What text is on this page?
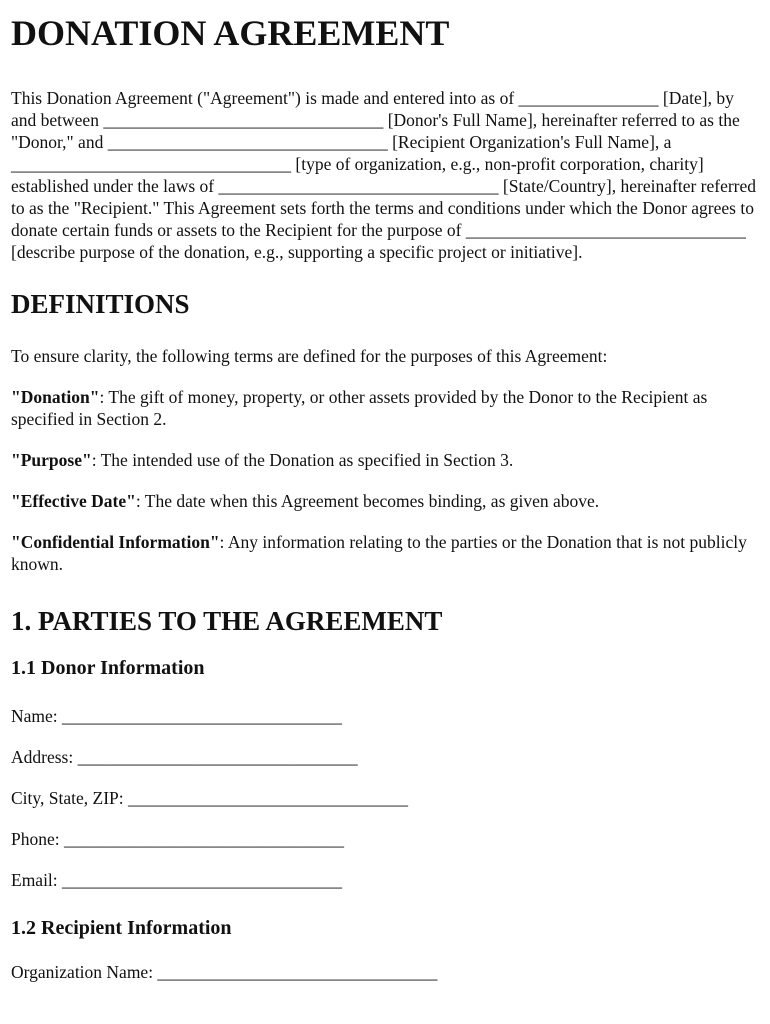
DONATION AGREEMENT

This Donation Agreement ("Agreement") is made and entered into as of ________________ [Date], by and between ________________________________ [Donor's Full Name], hereinafter referred to as the "Donor," and ________________________________ [Recipient Organization's Full Name], a ________________________________ [type of organization, e.g., non-profit corporation, charity] established under the laws of ________________________________ [State/Country], hereinafter referred to as the "Recipient." This Agreement sets forth the terms and conditions under which the Donor agrees to donate certain funds or assets to the Recipient for the purpose of ________________________________ [describe purpose of the donation, e.g., supporting a specific project or initiative].

DEFINITIONS

To ensure clarity, the following terms are defined for the purposes of this Agreement:

"Donation": The gift of money, property, or other assets provided by the Donor to the Recipient as specified in Section 2.

"Purpose": The intended use of the Donation as specified in Section 3.

"Effective Date": The date when this Agreement becomes binding, as given above.

"Confidential Information": Any information relating to the parties or the Donation that is not publicly known.

1. PARTIES TO THE AGREEMENT
1.1 Donor Information

Name: ________________________________

Address: ________________________________

City, State, ZIP: ________________________________

Phone: ________________________________

Email: ________________________________

1.2 Recipient Information

Organization Name: ________________________________
